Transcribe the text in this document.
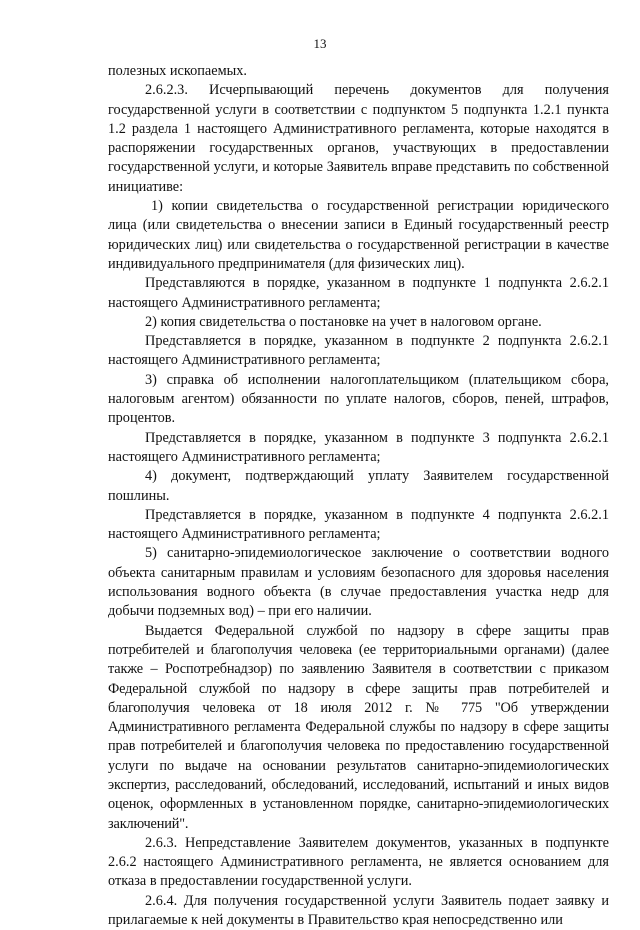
13

полезных ископаемых.

2.6.2.3. Исчерпывающий перечень документов для получения государственной услуги в соответствии с подпунктом 5 подпункта 1.2.1 пункта 1.2 раздела 1 настоящего Административного регламента, которые находятся в распоряжении государственных органов, участвующих в предоставлении государственной услуги, и которые Заявитель вправе представить по собственной инициативе:

1) копии свидетельства о государственной регистрации юридического лица (или свидетельства о внесении записи в Единый государственный реестр юридических лиц) или свидетельства о государственной регистрации в качестве индивидуального предпринимателя (для физических лиц).

Представляются в порядке, указанном в подпункте 1 подпункта 2.6.2.1 настоящего Административного регламента;

2) копия свидетельства о постановке на учет в налоговом органе.

Представляется в порядке, указанном в подпункте 2 подпункта 2.6.2.1 настоящего Административного регламента;

3) справка об исполнении налогоплательщиком (плательщиком сбора, налоговым агентом) обязанности по уплате налогов, сборов, пеней, штрафов, процентов.

Представляется в порядке, указанном в подпункте 3 подпункта 2.6.2.1 настоящего Административного регламента;

4) документ, подтверждающий уплату Заявителем государственной пошлины.

Представляется в порядке, указанном в подпункте 4 подпункта 2.6.2.1 настоящего Административного регламента;

5) санитарно-эпидемиологическое заключение о соответствии водного объекта санитарным правилам и условиям безопасного для здоровья населения использования водного объекта (в случае предоставления участка недр для добычи подземных вод) – при его наличии.

Выдается Федеральной службой по надзору в сфере защиты прав потребителей и благополучия человека (ее территориальными органами) (далее также – Роспотребнадзор) по заявлению Заявителя в соответствии с приказом Федеральной службой по надзору в сфере защиты прав потребителей и благополучия человека от 18 июля 2012 г. № 775 "Об утверждении Административного регламента Федеральной службы по надзору в сфере защиты прав потребителей и благополучия человека по предоставлению государственной услуги по выдаче на основании результатов санитарно-эпидемиологических экспертиз, расследований, обследований, исследований, испытаний и иных видов оценок, оформленных в установленном порядке, санитарно-эпидемиологических заключений".

2.6.3. Непредставление Заявителем документов, указанных в подпункте 2.6.2 настоящего Административного регламента, не является основанием для отказа в предоставлении государственной услуги.

2.6.4. Для получения государственной услуги Заявитель подает заявку и прилагаемые к ней документы в Правительство края непосредственно или
